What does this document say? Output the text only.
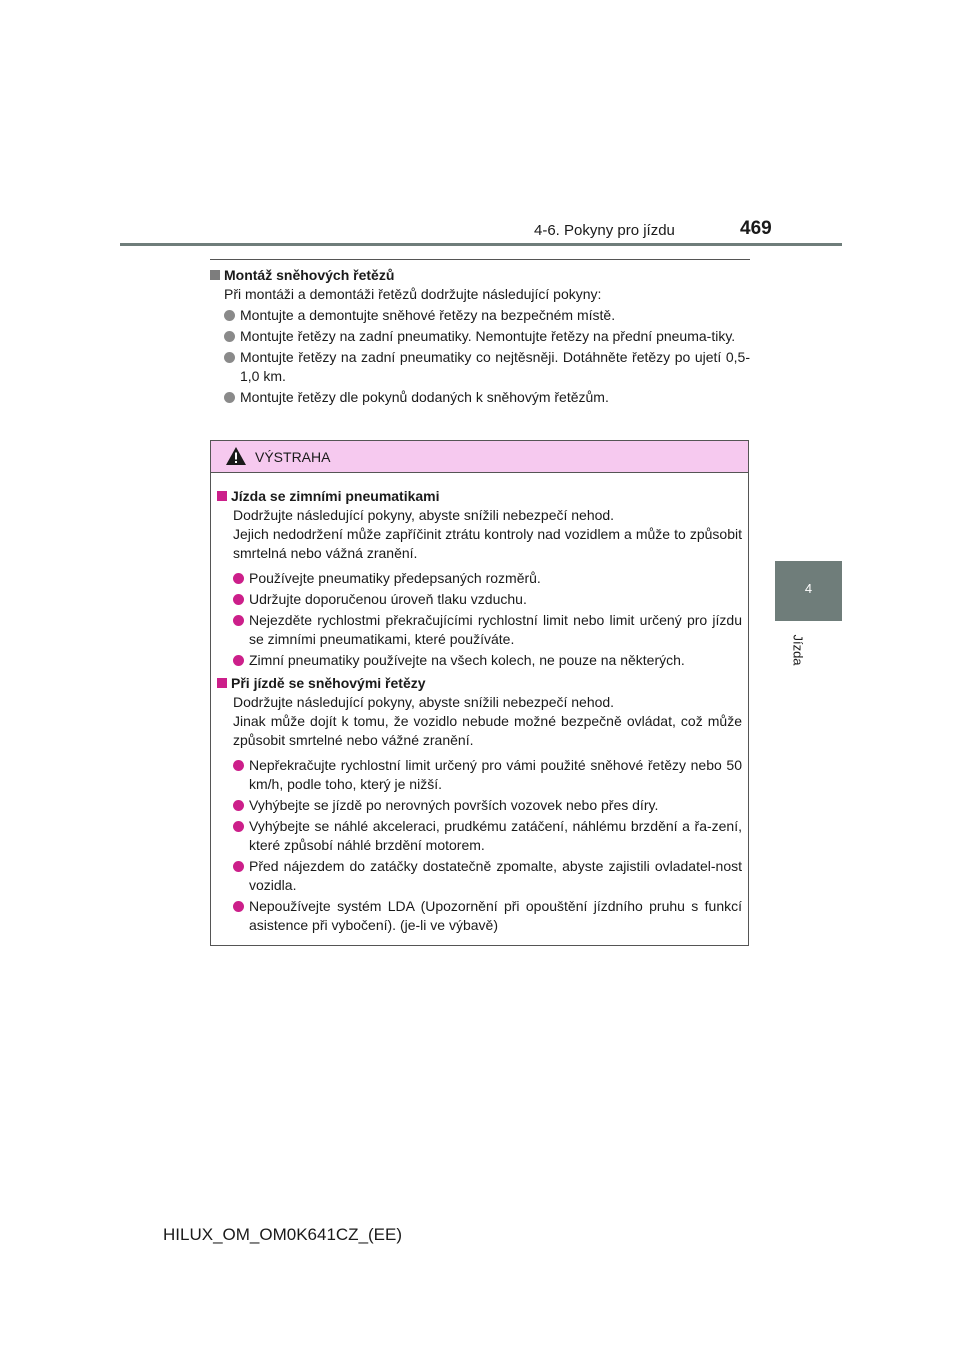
4-6. Pokyny pro jízdu	469
4
Jízda
Montáž sněhových řetězů
Při montáži a demontáži řetězů dodržujte následující pokyny:
Montujte a demontujte sněhové řetězy na bezpečném místě.
Montujte řetězy na zadní pneumatiky. Nemontujte řetězy na přední pneuma-tiky.
Montujte řetězy na zadní pneumatiky co nejtěsněji. Dotáhněte řetězy po ujetí 0,5-1,0 km.
Montujte řetězy dle pokynů dodaných k sněhovým řetězům.
VÝSTRAHA
Jízda se zimními pneumatikami
Dodržujte následující pokyny, abyste snížili nebezpečí nehod.
Jejich nedodržení může zapříčinit ztrátu kontroly nad vozidlem a může to způsobit smrtelná nebo vážná zranění.
Používejte pneumatiky předepsaných rozměrů.
Udržujte doporučenou úroveň tlaku vzduchu.
Nejezděte rychlostmi překračujícími rychlostní limit nebo limit určený pro jízdu se zimními pneumatikami, které používáte.
Zimní pneumatiky používejte na všech kolech, ne pouze na některých.
Při jízdě se sněhovými řetězy
Dodržujte následující pokyny, abyste snížili nebezpečí nehod.
Jinak může dojít k tomu, že vozidlo nebude možné bezpečně ovládat, což může způsobit smrtelné nebo vážné zranění.
Nepřekračujte rychlostní limit určený pro vámi použité sněhové řetězy nebo 50 km/h, podle toho, který je nižší.
Vyhýbejte se jízdě po nerovných površích vozovek nebo přes díry.
Vyhýbejte se náhlé akceleraci, prudkému zatáčení, náhlému brzdění a řa-zení, které způsobí náhlé brzdění motorem.
Před nájezdem do zatáčky dostatečně zpomalte, abyste zajistili ovladatel-nost vozidla.
Nepoužívejte systém LDA (Upozornění při opouštění jízdního pruhu s funkcí asistence při vybočení). (je-li ve výbavě)
HILUX_OM_OM0K641CZ_(EE)
